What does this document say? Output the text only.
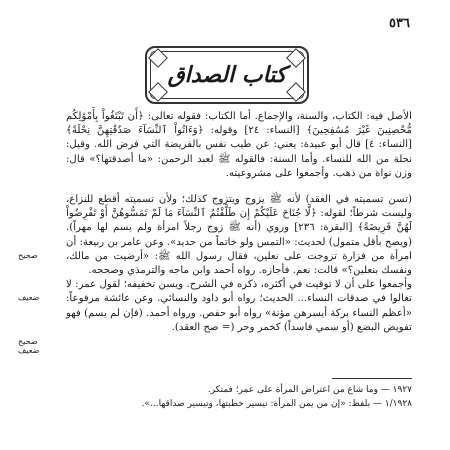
٥٣٦
كتاب الصداق

الأصل فيه: الكتاب، والسنة، والإجماع. أما الكتاب: فقوله تعالى: ﴿أَن تَبْتَغُواْ بِأَمْوَٰلِكُم مُّحْصِنِينَ غَيْرَ مُسَٰفِحِينَ﴾ [النساء: ٢٤] وقوله: ﴿وَءَاتُواْ ٱلنِّسَآءَ صَدُقَٰتِهِنَّ نِحْلَةً﴾ [النساء: ٤] قال أبو عبيدة: يعني: عن طيب نفس بالفريضة التي فرض الله. وقيل: نحلة من الله للنساء. وأما السنة: فالقوله ﷺ لعبد الرحمن: «ما أصدقتها؟» قال: وزن نواة من ذهب. وأجمعوا على مشروعيته.

(تسن تسميته في العقد) لأنه ﷺ يزوج ويتزوج كذلك؛ ولأن تسميته أقطع للنزاع، وليست شرطاً؛ لقوله: ﴿لَّا جُنَاحَ عَلَيْكُمْ إِن طَلَّقْتُمُ ٱلنِّسَآءَ مَا لَمْ تَمَسُّوهُنَّ أَوْ تَفْرِضُواْ لَهُنَّ فَرِيضَةً﴾ [البقرة: ٢٣٦] وروي (أنه ﷺ زوج رجلاً امرأة ولم يسم لها مهراً). (ويصح بأقل متمول) لحديث: «التمس ولو خاتماً من حديد». وعن عامر بن ربيعة: أن امرأة من فزارة تزوجت على نعلين، فقال رسول الله ﷺ: «أرضيت من مالك، ونفسك بنعلين؟» قالت: نعم. فأجازه. رواه أحمد وابن ماجه والترمذي وصححه.

وأجمعوا على أن لا توقيت في أكثره، ذكره في الشرح. ويسن تخفيفه؛ لقول عمر: لا تغالوا في صدقات النساء... الحديث؛ رواه أبو داود والنسائي. وعن عائشة مرفوعاً: «أعظم النساء بركة أيسرهن مؤنة» رواه أبو حفص. ورواه أحمد. (فإن لم يسم) فهو تفويض البضع (أو سمي فاسداً) كخمر وحر (= صح العقد).

صحيح
ضعيف
صحيح
ضعيف

١٩٢٧ — وما شاع من اعتراض المرأة على عمر؛ فمنكر.

١/١٩٢٨ — بلفظ: «إن من يمن المرأة: تيسير خطبتها، وتيسير صداقها...».
